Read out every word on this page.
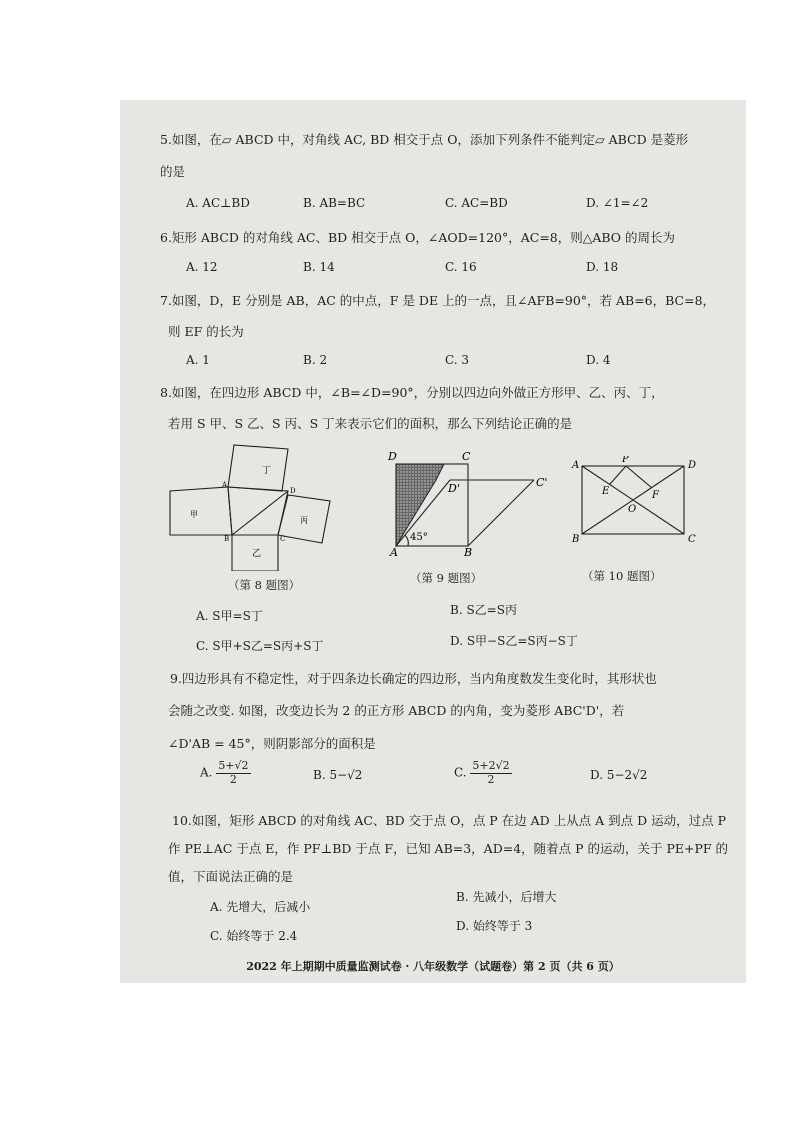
5.如图，在▱ ABCD 中，对角线 AC, BD 相交于点 O，添加下列条件不能判定▱ ABCD 是菱形
的是
A. AC⊥BD	B. AB=BC	C. AC=BD	D. ∠1=∠2
6.矩形 ABCD 的对角线 AC、BD 相交于点 O，∠AOD=120°，AC=8，则△ABO 的周长为
A. 12	B. 14	C. 16	D. 18
7.如图，D，E 分别是 AB，AC 的中点，F 是 DE 上的一点，且∠AFB=90°，若 AB=6，BC=8，
则 EF 的长为
A. 1	B. 2	C. 3	D. 4
8.如图，在四边形 ABCD 中，∠B=∠D=90°，分别以四边向外做正方形甲、乙、丙、丁，
若用 S 甲、S 乙、S 丙、S 丁来表示它们的面积，那么下列结论正确的是
丁
甲
乙
丙
A
B	C
D
（第 8 题图）
D	C
D'	C'
A	B
45°
（第 9 题图）
A
P
D
E	F
O
B	C
（第 10 题图）
A. S甲=S丁	B. S乙=S丙
C. S甲+S乙=S丙+S丁	D. S甲−S乙=S丙−S丁
9.四边形具有不稳定性，对于四条边长确定的四边形，当内角度数发生变化时，其形状也
会随之改变. 如图，改变边长为 2 的正方形 ABCD 的内角，变为菱形 ABC'D'，若
∠D'AB = 45°，则阴影部分的面积是
A. $\frac{5+√2}{2}$	B. 5−√2	C. $\frac{5+2√2}{2}$	D. 5−2√2
10.如图，矩形 ABCD 的对角线 AC、BD 交于点 O，点 P 在边 AD 上从点 A 到点 D 运动，过点 P
作 PE⊥AC 于点 E，作 PF⊥BD 于点 F，已知 AB=3，AD=4，随着点 P 的运动，关于 PE+PF 的
值，下面说法正确的是
A. 先增大，后减小
B. 先减小，后增大
C. 始终等于 2.4
D. 始终等于 3
2022 年上期期中质量监测试卷 · 八年级数学（试题卷）第 2 页（共 6 页）
